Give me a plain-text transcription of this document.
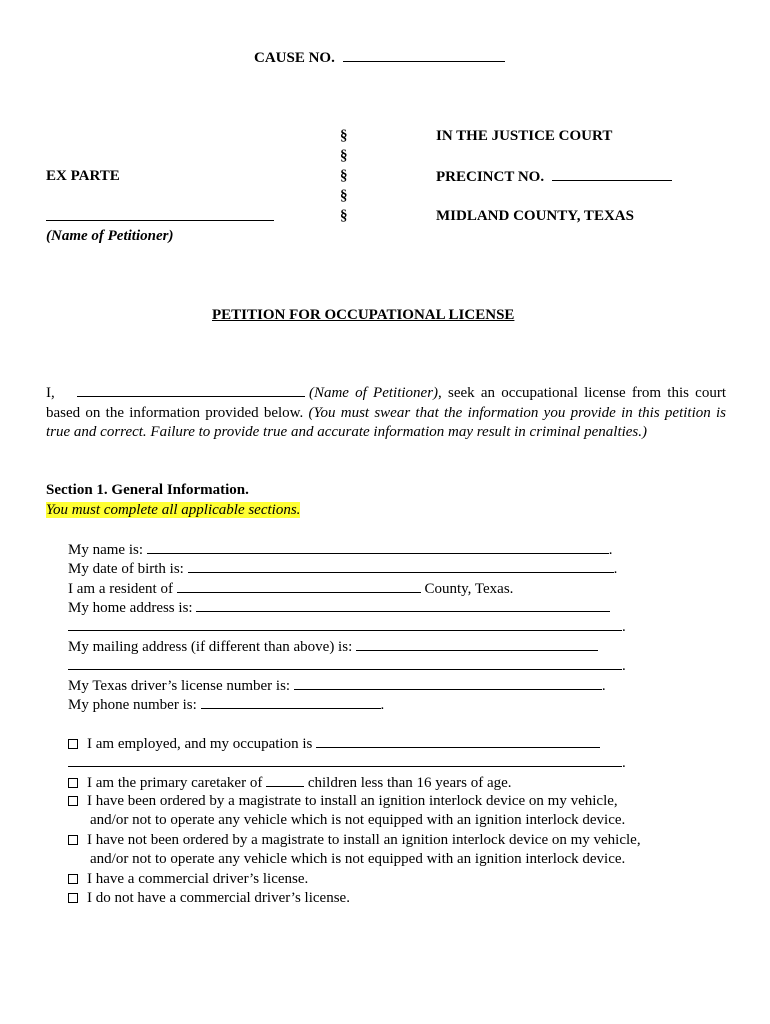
CAUSE NO.
§
§
§
§
§
IN THE JUSTICE COURT
EX PARTE	PRECINCT NO.
MIDLAND COUNTY, TEXAS
(Name of Petitioner)
PETITION FOR OCCUPATIONAL LICENSE
I,	(Name of Petitioner), seek an occupational license from this court based on the information provided below. (You must swear that the information you provide in this petition is true and correct. Failure to provide true and accurate information may result in criminal penalties.)
Section 1. General Information.
You must complete all applicable sections.
My name is:	.
My date of birth is:	.
I am a resident of	County, Texas.
My home address is:
.
My mailing address (if different than above) is:
.
My Texas driver’s license number is:	.
My phone number is:	.
I am employed, and my occupation is
.
I am the primary caretaker of	children less than 16 years of age.
I have been ordered by a magistrate to install an ignition interlock device on my vehicle,
and/or not to operate any vehicle which is not equipped with an ignition interlock device.
I have not been ordered by a magistrate to install an ignition interlock device on my vehicle,
and/or not to operate any vehicle which is not equipped with an ignition interlock device.
I have a commercial driver’s license.
I do not have a commercial driver’s license.
